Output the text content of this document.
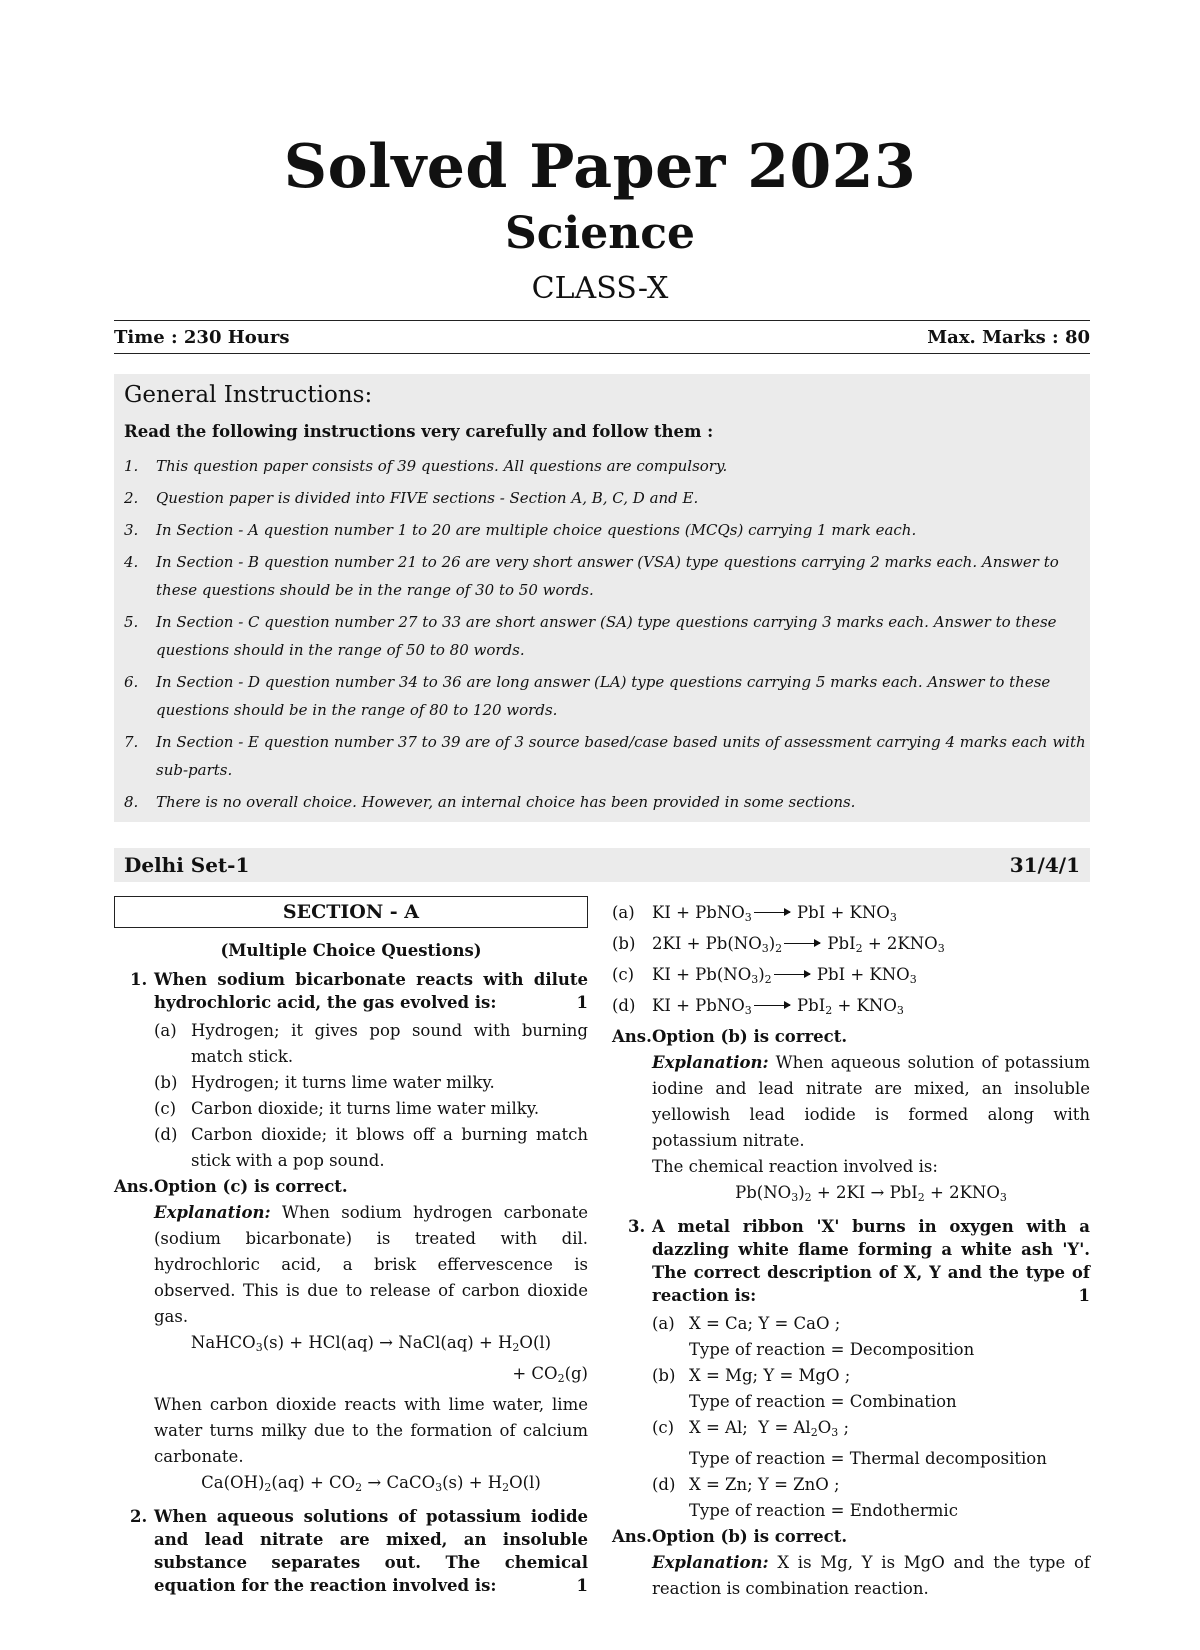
Solved Paper 2023
Science
CLASS-X
Time : 230 Hours	Max. Marks : 80
General Instructions:
Read the following instructions very carefully and follow them :
1. This question paper consists of 39 questions. All questions are compulsory.
2. Question paper is divided into FIVE sections - Section A, B, C, D and E.
3. In Section - A question number 1 to 20 are multiple choice questions (MCQs) carrying 1 mark each.
4. In Section - B question number 21 to 26 are very short answer (VSA) type questions carrying 2 marks each. Answer to these questions should be in the range of 30 to 50 words.
5. In Section - C question number 27 to 33 are short answer (SA) type questions carrying 3 marks each. Answer to these questions should in the range of 50 to 80 words.
6. In Section - D question number 34 to 36 are long answer (LA) type questions carrying 5 marks each. Answer to these questions should be in the range of 80 to 120 words.
7. In Section - E question number 37 to 39 are of 3 source based/case based units of assessment carrying 4 marks each with sub-parts.
8. There is no overall choice. However, an internal choice has been provided in some sections.
Delhi Set-1	31/4/1
SECTION - A
(Multiple Choice Questions)
1. When sodium bicarbonate reacts with dilute hydrochloric acid, the gas evolved is:	1
(a) Hydrogen; it gives pop sound with burning match stick.
(b) Hydrogen; it turns lime water milky.
(c) Carbon dioxide; it turns lime water milky.
(d) Carbon dioxide; it blows off a burning match stick with a pop sound.
Ans. Option (c) is correct.
Explanation: When sodium hydrogen carbonate (sodium bicarbonate) is treated with dil. hydrochloric acid, a brisk effervescence is observed. This is due to release of carbon dioxide gas.
NaHCO$_3$(s) + HCl(aq) → NaCl(aq) + $H_2O(l)$
+ $CO_2(g)$
When carbon dioxide reacts with lime water, lime water turns milky due to the formation of calcium carbonate.
$Ca(OH)_2(aq) + CO_2$ → CaCO$_3$(s) + $H_2O(l)$
2. When aqueous solutions of potassium iodide and lead nitrate are mixed, an insoluble substance separates out. The chemical equation for the reaction involved is:	1
(a) KI + PbNO$_3$ PbI + $KNO_3$
(b) $2KI + Pb(NO_3)_2$ $PbI_2 + 2KNO_3$
(c) KI + $Pb(NO_3)_2$ PbI + $KNO_3$
(d) KI + PbNO$_3$ $PbI_2 + KNO_3$
Ans. Option (b) is correct.
Explanation: When aqueous solution of potassium iodine and lead nitrate are mixed, an insoluble yellowish lead iodide is formed along with potassium nitrate.
The chemical reaction involved is:
$Pb(NO_3)_2 + 2KI \to PbI_2 + 2KNO_3$
3. A metal ribbon 'X' burns in oxygen with a dazzling white flame forming a white ash 'Y'. The correct description of X, Y and the type of reaction is:	1
(a) X = Ca; Y = CaO ;
Type of reaction = Decomposition
(b) X = Mg; Y = MgO ;
Type of reaction = Combination
(c) X = Al;  $Y = Al_2O_3$ ;
Type of reaction = Thermal decomposition
(d) X = Zn; Y = ZnO ;
Type of reaction = Endothermic
Ans. Option (b) is correct.
Explanation: X is Mg, Y is MgO and the type of reaction is combination reaction.
